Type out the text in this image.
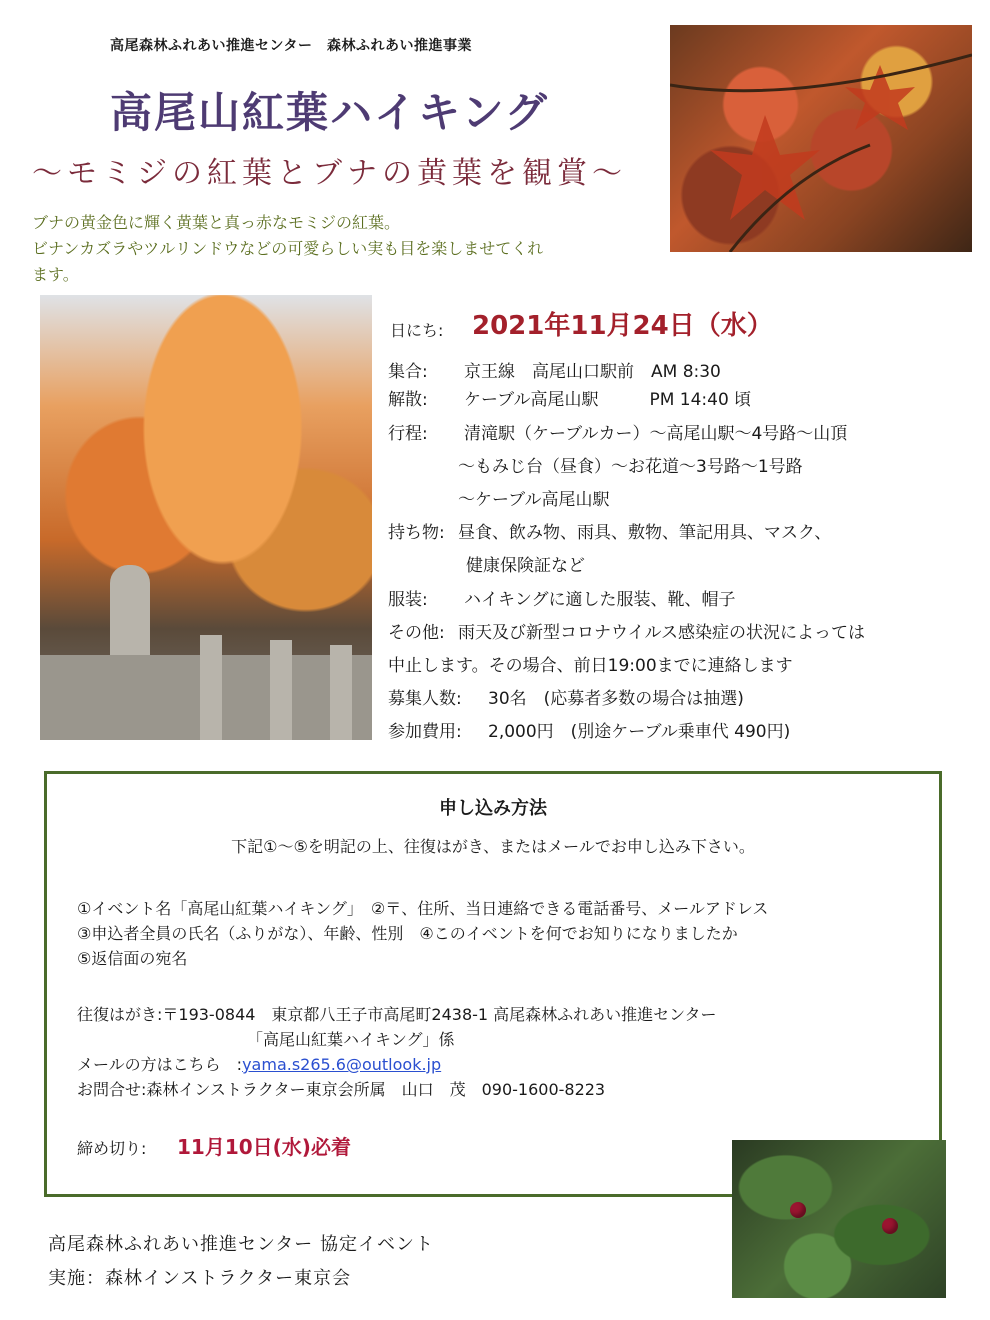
高尾森林ふれあい推進センター　森林ふれあい推進事業
高尾山紅葉ハイキング
〜モミジの紅葉とブナの黄葉を観賞〜
ブナの黄金色に輝く黄葉と真っ赤なモミジの紅葉。
ビナンカズラやツルリンドウなどの可愛らしい実も目を楽しませてくれ
ます。
日にち: 2021年11月24日（水）
集合: 京王線　高尾山口駅前　AM 8:30
解散: ケーブル高尾山駅　　　PM 14:40 頃
行程: 清滝駅（ケーブルカー）〜高尾山駅〜4号路〜山頂
〜もみじ台（昼食）〜お花道〜3号路〜1号路
〜ケーブル高尾山駅
持ち物: 昼食、飲み物、雨具、敷物、筆記用具、マスク、
健康保険証など
服装: ハイキングに適した服装、靴、帽子
その他: 雨天及び新型コロナウイルス感染症の状況によっては
中止します。その場合、前日19:00までに連絡します
募集人数: 30名　(応募者多数の場合は抽選)
参加費用: 2,000円　(別途ケーブル乗車代 490円)
申し込み方法
下記①〜⑤を明記の上、往復はがき、またはメールでお申し込み下さい。
①イベント名「高尾山紅葉ハイキング」　②〒、住所、当日連絡できる電話番号、メールアドレス
③申込者全員の氏名（ふりがな）、年齢、性別　④このイベントを何でお知りになりましたか
⑤返信面の宛名
往復はがき:〒193-0844　東京都八王子市高尾町2438-1 高尾森林ふれあい推進センター
「高尾山紅葉ハイキング」係
メールの方はこちら　:yama.s265.6@outlook.jp
お問合せ:森林インストラクター東京会所属　山口　茂　090-1600-8223
締め切り: 11月10日(水)必着
高尾森林ふれあい推進センター 協定イベント
実施：森林インストラクター東京会
